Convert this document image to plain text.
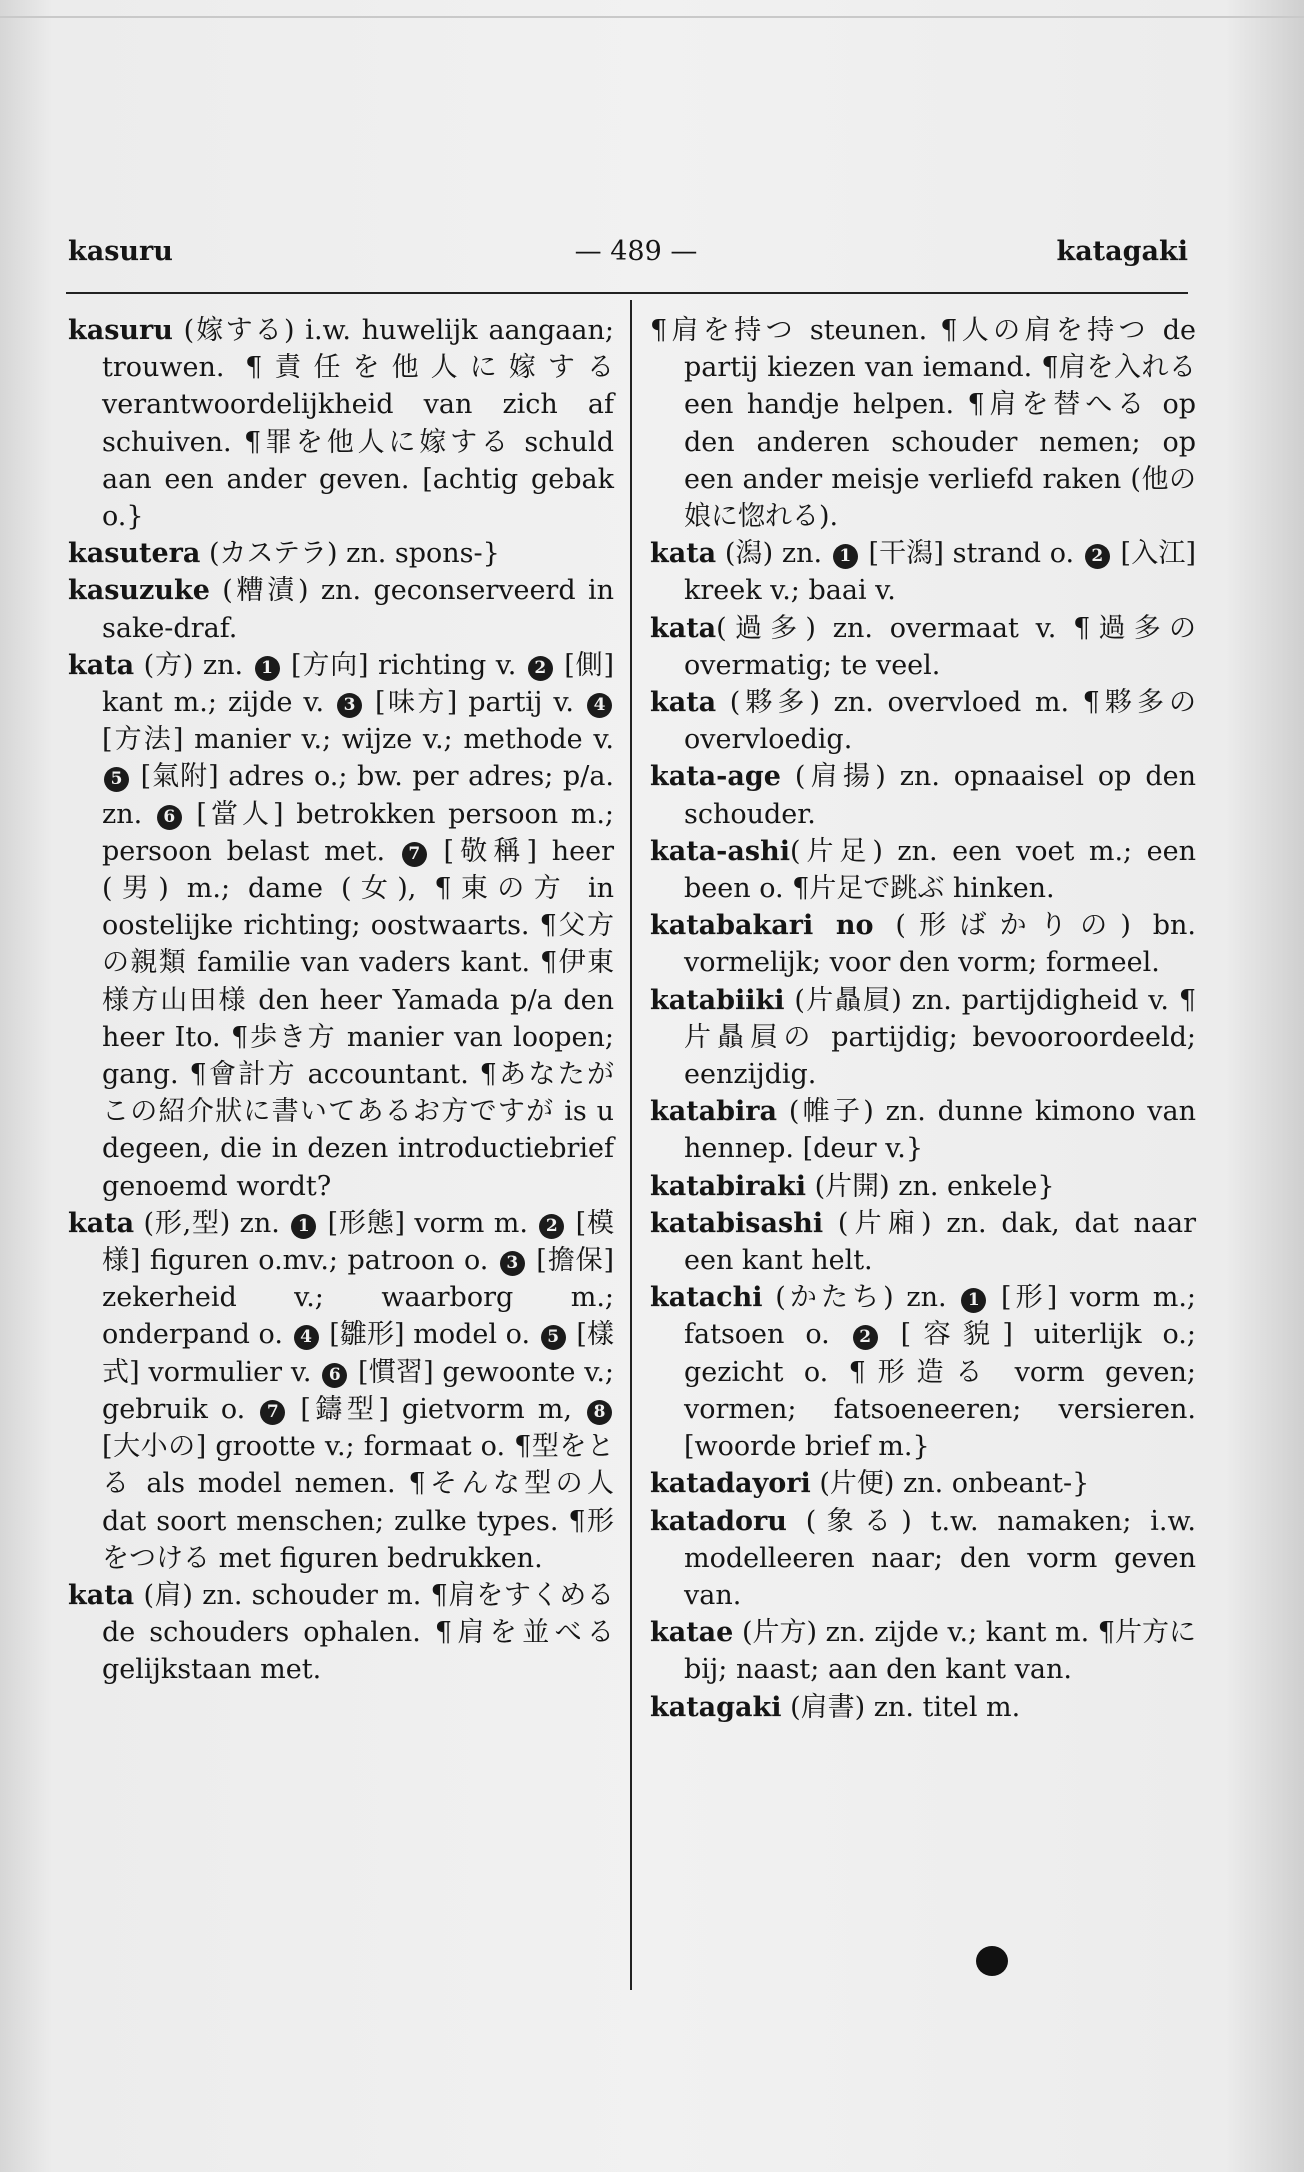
kasuru	— 489 —	katagaki

kasuru (嫁する) i.w. huwelijk aangaan; trouwen. ¶責任を他人に嫁する verantwoordelijkheid van zich af schuiven. ¶罪を他人に嫁する schuld aan een ander geven. [achtig gebak o.}

kasutera (カステラ) zn. spons-}

kasuzuke (糟漬) zn. geconserveerd in sake-draf.

kata (方) zn. 1 [方向] richting v. 2 [側] kant m.; zijde v. 3 [味方] partij v. 4 [方法] manier v.; wijze v.; methode v. 5 [氣附] adres o.; bw. per adres; p/a. zn. 6 [當人] betrokken persoon m.; persoon belast met. 7 [敬稱] heer (男) m.; dame (女), ¶東の方 in oostelijke richting; oostwaarts. ¶父方の親類 familie van vaders kant. ¶伊東様方山田様 den heer Yamada p/a den heer Ito. ¶歩き方 manier van loopen; gang. ¶會計方 accountant. ¶あなたがこの紹介狀に書いてあるお方ですが is u degeen, die in dezen introductiebrief genoemd wordt?

kata (形,型) zn. 1 [形態] vorm m. 2 [模様] figuren o.mv.; patroon o. 3 [擔保] zekerheid v.; waarborg m.; onderpand o. 4 [雛形] model o. 5 [樣式] vormulier v. 6 [慣習] gewoonte v.; gebruik o. 7 [鑄型] gietvorm m, 8 [大小の] grootte v.; formaat o. ¶型をとる als model nemen. ¶そんな型の人 dat soort menschen; zulke types. ¶形をつける met figuren bedrukken.

kata (肩) zn. schouder m. ¶肩をすくめる de schouders ophalen. ¶肩を並べる gelijkstaan met.

¶肩を持つ steunen. ¶人の肩を持つ de partij kiezen van iemand. ¶肩を入れる een handje helpen. ¶肩を替へる op den anderen schouder nemen; op een ander meisje verliefd raken (他の娘に惚れる).

kata (潟) zn. 1 [干潟] strand o. 2 [入江] kreek v.; baai v.

kata(過多) zn. overmaat v. ¶過多の overmatig; te veel.

kata (夥多) zn. overvloed m. ¶夥多の overvloedig.

kata-age (肩揚) zn. opnaaisel op den schouder.

kata-ashi(片足) zn. een voet m.; een been o. ¶片足で跳ぶ hinken.

katabakari no (形ばかりの) bn. vormelijk; voor den vorm; formeel.

katabiiki (片贔屓) zn. partijdigheid v. ¶片贔屓の partijdig; bevooroordeeld; eenzijdig.

katabira (帷子) zn. dunne kimono van hennep. [deur v.}

katabiraki (片開) zn. enkele}

katabisashi (片廂) zn. dak, dat naar een kant helt.

katachi (かたち) zn. 1 [形] vorm m.; fatsoen o. 2 [容貌] uiterlijk o.; gezicht o. ¶形造る vorm geven; vormen; fatsoeneeren; versieren. [woorde brief m.}

katadayori (片便) zn. onbeant-}

katadoru (象る) t.w. namaken; i.w. modelleeren naar; den vorm geven van.

katae (片方) zn. zijde v.; kant m. ¶片方に bij; naast; aan den kant van.

katagaki (肩書) zn. titel m.
